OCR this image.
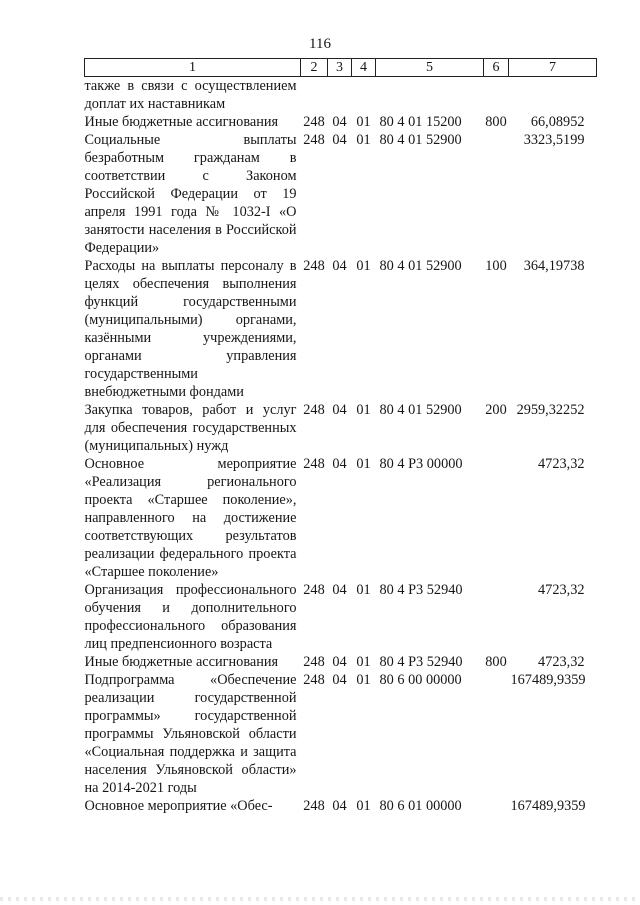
116
1	2	3	4	5	6	7
также в связи с осуществлением доплат их наставникам						
Иные бюджетные ассигнования	248	04	01	80 4 01 15200	800	66,08952
Социальные выплаты безработным гражданам в соответствии с Законом Российской Федерации от 19 апреля 1991 года № 1032-I «О занятости населения в Российской Федерации»	248	04	01	80 4 01 52900		3323,5199
Расходы на выплаты персоналу в целях обеспечения выполнения функций государственными (муниципальными) органами, казёнными учреждениями, органами управления государственными внебюджетными фондами	248	04	01	80 4 01 52900	100	364,19738
Закупка товаров, работ и услуг для обеспечения государственных (муниципальных) нужд	248	04	01	80 4 01 52900	200	2959,32252
Основное мероприятие «Реализация регионального проекта «Старшее поколение», направленного на достижение соответствующих результатов реализации федерального проекта «Старшее поколение»	248	04	01	80 4 Р3 00000		4723,32
Организация профессионального обучения и дополнительного профессионального образования лиц предпенсионного возраста	248	04	01	80 4 Р3 52940		4723,32
Иные бюджетные ассигнования	248	04	01	80 4 Р3 52940	800	4723,32
Подпрограмма «Обеспечение реализации государственной программы» государственной программы Ульяновской области «Социальная поддержка и защита населения Ульяновской области» на 2014-2021 годы	248	04	01	80 6 00 00000		167489,9359
Основное мероприятие «Обес-	248	04	01	80 6 01 00000		167489,9359
